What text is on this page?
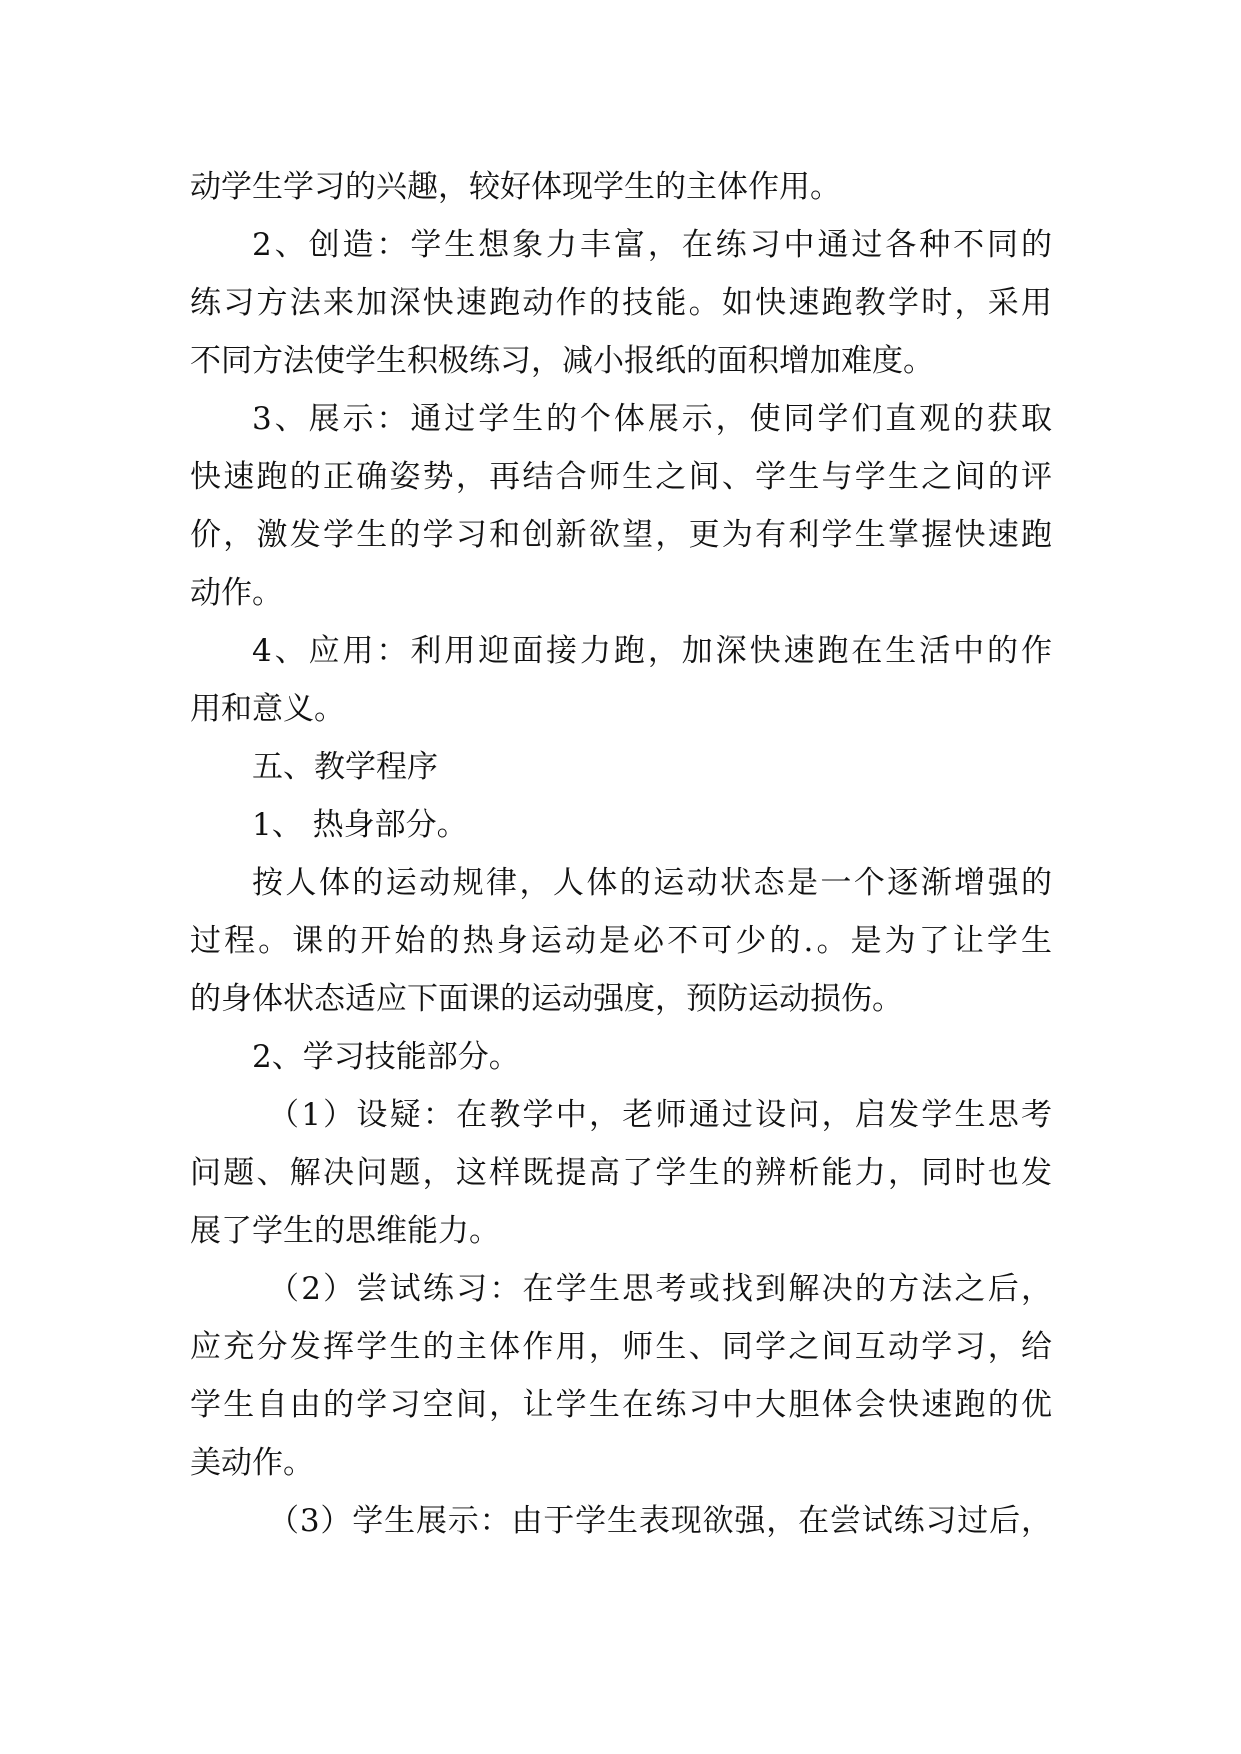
动学生学习的兴趣，较好体现学生的主体作用。
2、创造：学生想象力丰富，在练习中通过各种不同的
练习方法来加深快速跑动作的技能。如快速跑教学时，采用
不同方法使学生积极练习，减小报纸的面积增加难度。
3、展示：通过学生的个体展示，使同学们直观的获取
快速跑的正确姿势，再结合师生之间、学生与学生之间的评
价，激发学生的学习和创新欲望，更为有利学生掌握快速跑
动作。
4、应用：利用迎面接力跑，加深快速跑在生活中的作
用和意义。
五、教学程序
1、 热身部分。
按人体的运动规律，人体的运动状态是一个逐渐增强的
过程。课的开始的热身运动是必不可少的.。是为了让学生
的身体状态适应下面课的运动强度，预防运动损伤。
2、学习技能部分。
（1）设疑：在教学中，老师通过设问，启发学生思考
问题、解决问题，这样既提高了学生的辨析能力，同时也发
展了学生的思维能力。
（2）尝试练习：在学生思考或找到解决的方法之后，
应充分发挥学生的主体作用，师生、同学之间互动学习，给
学生自由的学习空间，让学生在练习中大胆体会快速跑的优
美动作。
（3）学生展示：由于学生表现欲强，在尝试练习过后，
